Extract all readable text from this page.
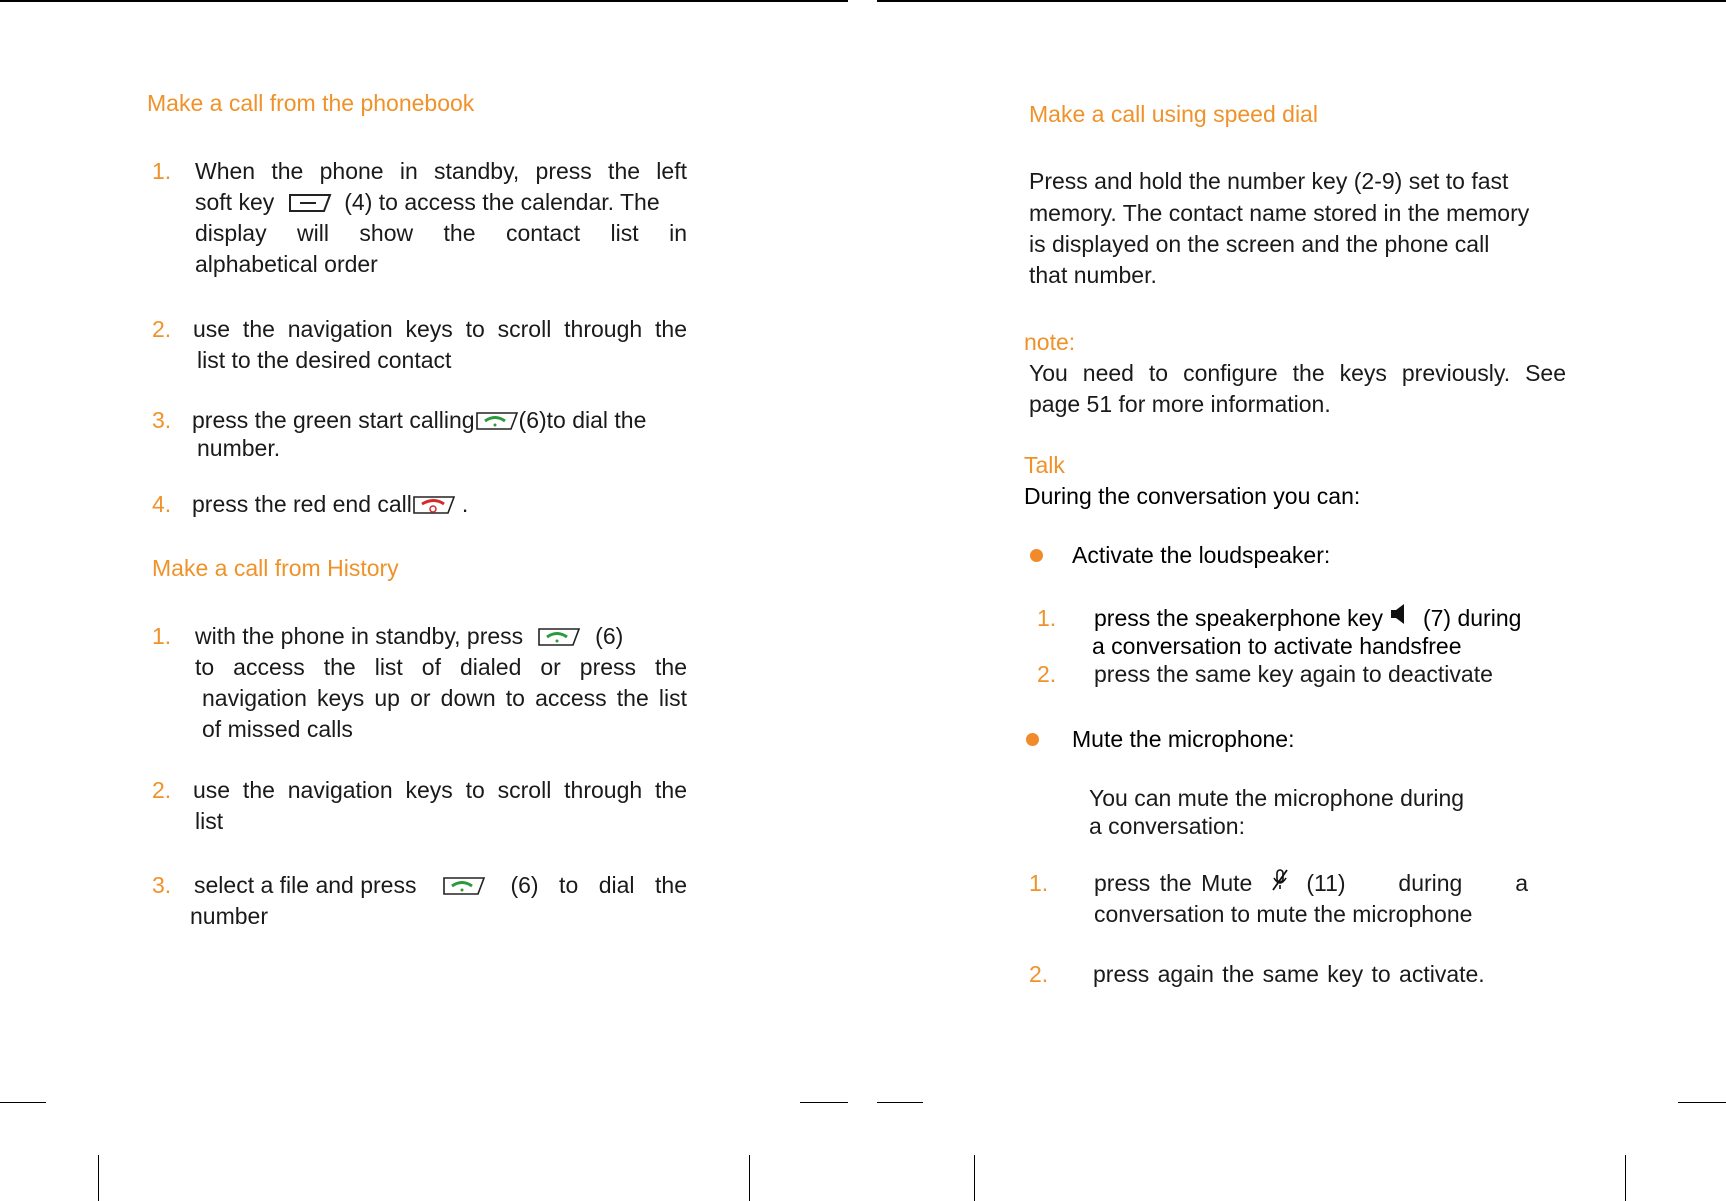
Make a call from the phonebook
1. When the phone in standby, press the left
soft key	(4) to access the calendar. The
display will show the contact list in
alphabetical order
2. use the navigation keys to scroll through the
list to the desired contact
3. press the green start calling (6)to dial the
number.
4. press the red end call .
Make a call from History
1. with the phone in standby, press	(6)
to access the list of dialed or press the
navigation keys up or down to access the list
of missed calls
2. use the navigation keys to scroll through the
list
3. select a file and press	(6) to dial the
number
Make a call using speed dial
Press and hold the number key (2-9) set to fast
memory. The contact name stored in the memory
is displayed on the screen and the phone call
that number.
note:
You need to configure the keys previously. See
page 51 for more information.
Talk
During the conversation you can:
Activate the loudspeaker:
1. press the speakerphone key (7) during
a conversation to activate handsfree
2. press the same key again to deactivate
Mute the microphone:
You can mute the microphone during
a conversation:
1. press the Mute (11) during a
conversation to mute the microphone
2. press again the same key to activate.
